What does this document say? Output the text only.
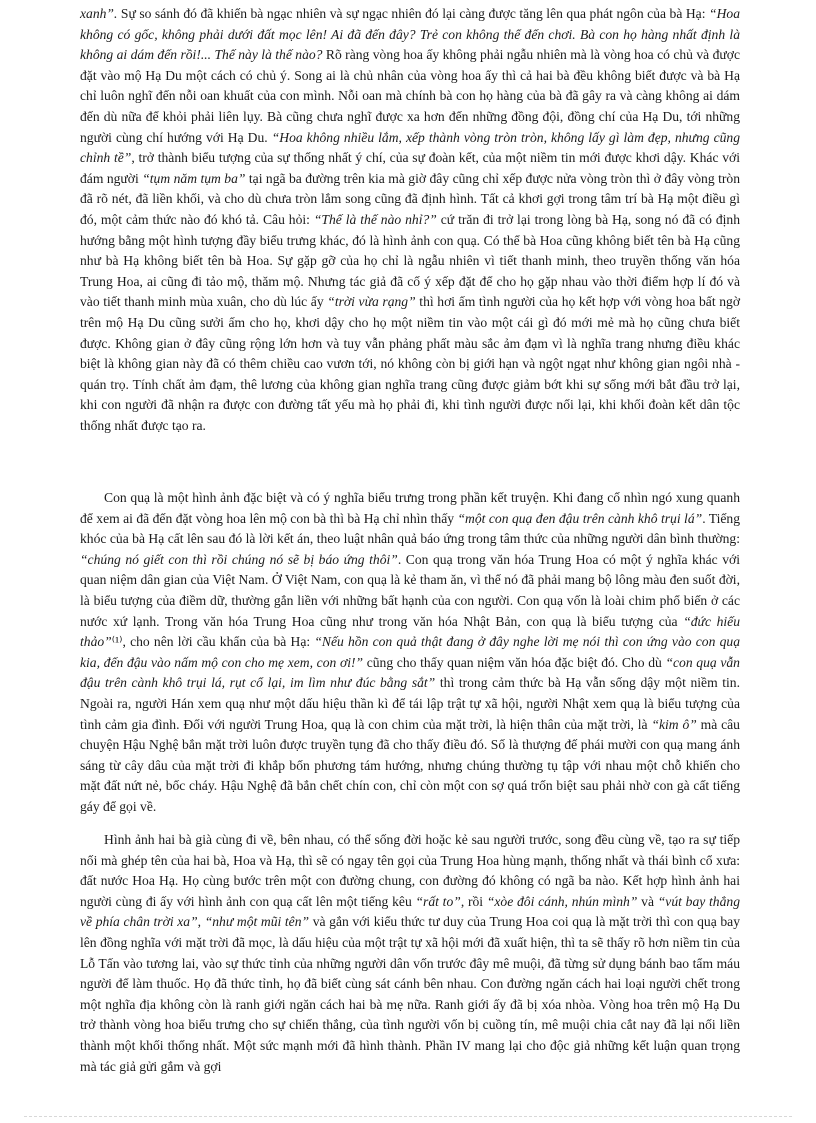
xanh”. Sự so sánh đó đã khiến bà ngạc nhiên và sự ngạc nhiên đó lại càng được tăng lên qua phát ngôn của bà Hạ: “Hoa không có gốc, không phải dưới đất mọc lên! Ai đã đến đây? Trẻ con không thể đến chơi. Bà con họ hàng nhất định là không ai dám đến rồi!... Thế này là thế nào? Rõ ràng vòng hoa ấy không phải ngẫu nhiên mà là vòng hoa có chủ và được đặt vào mộ Hạ Du một cách có chủ ý. Song ai là chủ nhân của vòng hoa ấy thì cả hai bà đều không biết được và bà Hạ chỉ luôn nghĩ đến nỗi oan khuất của con mình. Nỗi oan mà chính bà con họ hàng của bà đã gây ra và càng không ai dám đến dù nữa để khỏi phải liên lụy. Bà cũng chưa nghĩ được xa hơn đến những đồng đội, đồng chí của Hạ Du, tới những người cùng chí hướng với Hạ Du. “Hoa không nhiều lắm, xếp thành vòng tròn tròn, không lấy gì làm đẹp, nhưng cũng chỉnh tề”, trở thành biểu tượng của sự thống nhất ý chí, của sự đoàn kết, của một niềm tin mới được khơi dậy. Khác với đám người “tụm năm tụm ba” tại ngã ba đường trên kia mà giờ đây cũng chỉ xếp được nửa vòng tròn thì ở đây vòng tròn đã rõ nét, đã liền khối, và cho dù chưa tròn lắm song cũng đã định hình. Tất cả khơi gợi trong tâm trí bà Hạ một điều gì đó, một cảm thức nào đó khó tả. Câu hỏi: “Thế là thế nào nhỉ?” cứ trăn đi trở lại trong lòng bà Hạ, song nó đã có định hướng bằng một hình tượng đầy biểu trưng khác, đó là hình ảnh con quạ. Có thể bà Hoa cũng không biết tên bà Hạ cũng như bà Hạ không biết tên bà Hoa. Sự gặp gỡ của họ chỉ là ngẫu nhiên vì tiết thanh minh, theo truyền thống văn hóa Trung Hoa, ai cũng đi tảo mộ, thăm mộ. Nhưng tác giả đã cố ý xếp đặt để cho họ gặp nhau vào thời điểm hợp lí đó và vào tiết thanh minh mùa xuân, cho dù lúc ấy “trời vừa rạng” thì hơi ấm tình người của họ kết hợp với vòng hoa bất ngờ trên mộ Hạ Du cũng sưởi ấm cho họ, khơi dậy cho họ một niềm tin vào một cái gì đó mới mẻ mà họ cũng chưa biết được. Không gian ở đây cũng rộng lớn hơn và tuy vẫn phảng phất màu sắc ảm đạm vì là nghĩa trang nhưng điều khác biệt là không gian này đã có thêm chiều cao vươn tới, nó không còn bị giới hạn và ngột ngạt như không gian ngôi nhà - quán trọ. Tính chất ảm đạm, thê lương của không gian nghĩa trang cũng được giảm bớt khi sự sống mới bắt đầu trở lại, khi con người đã nhận ra được con đường tất yếu mà họ phải đi, khi tình người được nối lại, khi khối đoàn kết dân tộc thống nhất được tạo ra.

Con quạ là một hình ảnh đặc biệt và có ý nghĩa biểu trưng trong phần kết truyện. Khi đang cố nhìn ngó xung quanh để xem ai đã đến đặt vòng hoa lên mộ con bà thì bà Hạ chỉ nhìn thấy “một con quạ đen đậu trên cành khô trụi lá”. Tiếng khóc của bà Hạ cất lên sau đó là lời kết án, theo luật nhân quả báo ứng trong tâm thức của những người dân bình thường: “chúng nó giết con thì rồi chúng nó sẽ bị báo ứng thôi”. Con quạ trong văn hóa Trung Hoa có một ý nghĩa khác với quan niệm dân gian của Việt Nam. Ở Việt Nam, con quạ là kẻ tham ăn, vì thế nó đã phải mang bộ lông màu đen suốt đời, là biểu tượng của điềm dữ, thường gắn liền với những bất hạnh của con người. Con quạ vốn là loài chim phổ biến ở các nước xứ lạnh. Trong văn hóa Trung Hoa cũng như trong văn hóa Nhật Bản, con quạ là biểu tượng của “đức hiếu thảo”⁽¹⁾, cho nên lời cầu khẩn của bà Hạ: “Nếu hồn con quả thật đang ở đây nghe lời mẹ nói thì con ứng vào con quạ kia, đến đậu vào nấm mộ con cho mẹ xem, con ơi!” cũng cho thấy quan niệm văn hóa đặc biệt đó. Cho dù “con quạ vẫn đậu trên cành khô trụi lá, rụt cổ lại, im lìm như đúc bằng sắt” thì trong cảm thức bà Hạ vẫn sống dậy một niềm tin. Ngoài ra, người Hán xem quạ như một dấu hiệu thần kì để tái lập trật tự xã hội, người Nhật xem quạ là biểu tượng của tình cảm gia đình. Đối với người Trung Hoa, quạ là con chim của mặt trời, là hiện thân của mặt trời, là “kim ô” mà câu chuyện Hậu Nghệ bắn mặt trời luôn được truyền tụng đã cho thấy điều đó. Số là thượng đế phái mười con quạ mang ánh sáng từ cây dâu của mặt trời đi khắp bốn phương tám hướng, nhưng chúng thường tụ tập với nhau một chỗ khiến cho mặt đất nứt nẻ, bốc cháy. Hậu Nghệ đã bắn chết chín con, chỉ còn một con sợ quá trốn biệt sau phải nhờ con gà cất tiếng gáy để gọi về.

Hình ảnh hai bà già cùng đi về, bên nhau, có thể sống đời hoặc kẻ sau người trước, song đều cùng về, tạo ra sự tiếp nối mà ghép tên của hai bà, Hoa và Hạ, thì sẽ có ngay tên gọi của Trung Hoa hùng mạnh, thống nhất và thái bình cổ xưa: đất nước Hoa Hạ. Họ cùng bước trên một con đường chung, con đường đó không có ngã ba nào. Kết hợp hình ảnh hai người cùng đi ấy với hình ảnh con quạ cất lên một tiếng kêu “rất to”, rồi “xòe đôi cánh, nhún mình” và “vút bay thẳng về phía chân trời xa”, “như một mũi tên” và gắn với kiểu thức tư duy của Trung Hoa coi quạ là mặt trời thì con quạ bay lên đồng nghĩa với mặt trời đã mọc, là dấu hiệu của một trật tự xã hội mới đã xuất hiện, thì ta sẽ thấy rõ hơn niềm tin của Lỗ Tấn vào tương lai, vào sự thức tỉnh của những người dân vốn trước đây mê muội, đã từng sử dụng bánh bao tẩm máu người để làm thuốc. Họ đã thức tỉnh, họ đã biết cùng sát cánh bên nhau. Con đường ngăn cách hai loại người chết trong một nghĩa địa không còn là ranh giới ngăn cách hai bà mẹ nữa. Ranh giới ấy đã bị xóa nhòa. Vòng hoa trên mộ Hạ Du trở thành vòng hoa biểu trưng cho sự chiến thắng, của tình người vốn bị cuồng tín, mê muội chia cắt nay đã lại nối liền thành một khối thống nhất. Một sức mạnh mới đã hình thành. Phần IV mang lại cho độc giả những kết luận quan trọng mà tác giả gửi gắm và gợi
